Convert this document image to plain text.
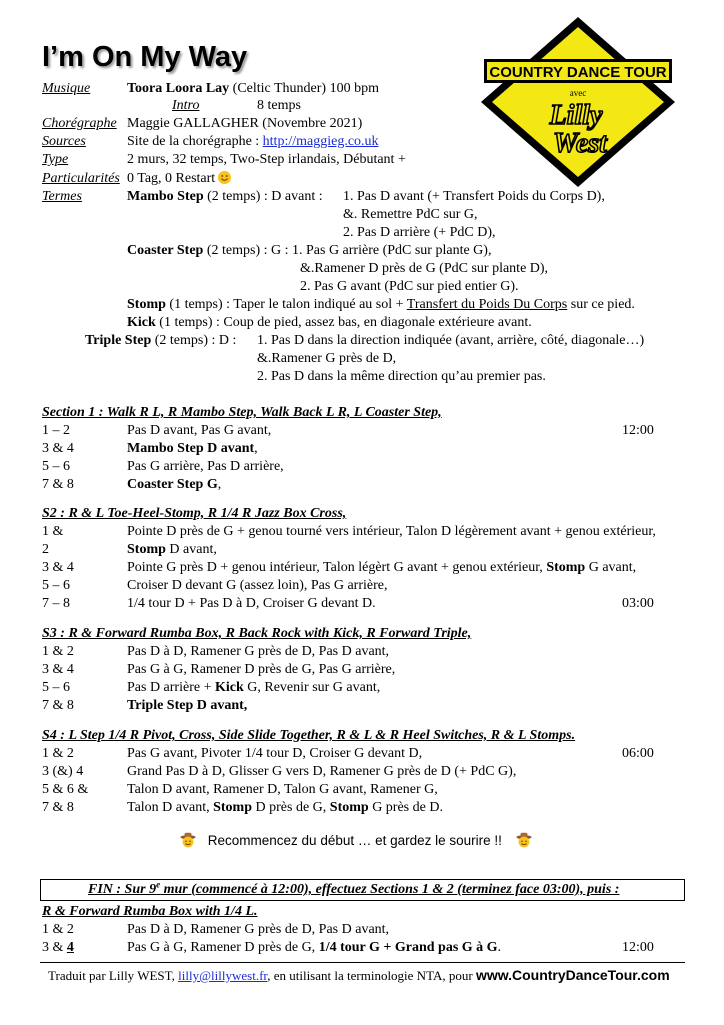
I’m On My Way	COUNTRY DANCE TOUR
avec
Lilly
West
Musique	Toora Loora Lay (Celtic Thunder) 100 bpm
Intro	8 temps
Chorégraphe Maggie GALLAGHER (Novembre 2021)
Sources	Site de la chorégraphe : http://maggieg.co.uk
Type	2 murs, 32 temps, Two-Step irlandais, Débutant +
Particularités 0 Tag, 0 Restart
Termes	Mambo Step (2 temps) : D avant : 1. Pas D avant (+ Transfert Poids du Corps D),
&. Remettre PdC sur G,
2. Pas D arrière (+ PdC D),
Coaster Step (2 temps) : G : 1. Pas G arrière (PdC sur plante G),
&.Ramener D près de G (PdC sur plante D),
2. Pas G avant (PdC sur pied entier G).
Stomp (1 temps) : Taper le talon indiqué au sol + Transfert du Poids Du Corps sur ce pied.
Kick (1 temps) : Coup de pied, assez bas, en diagonale extérieure avant.
Triple Step (2 temps) : D : 1. Pas D dans la direction indiquée (avant, arrière, côté, diagonale…)
&.Ramener G près de D,
2. Pas D dans la même direction qu’au premier pas.
Section 1 : Walk R L, R Mambo Step, Walk Back L R, L Coaster Step,
1 – 2	Pas D avant, Pas G avant,	12:00
3 & 4	Mambo Step D avant,
5 – 6	Pas G arrière, Pas D arrière,
7 & 8	Coaster Step G,
S2 : R & L Toe-Heel-Stomp, R 1/4 R Jazz Box Cross,
1 &	Pointe D près de G + genou tourné vers intérieur, Talon D légèrement avant + genou extérieur,
2	Stomp D avant,
3 & 4	Pointe G près D + genou intérieur, Talon légèrt G avant + genou extérieur, Stomp G avant,
5 – 6	Croiser D devant G (assez loin), Pas G arrière,
7 – 8	1/4 tour D + Pas D à D, Croiser G devant D.	03:00
S3 : R & Forward Rumba Box, R Back Rock with Kick, R Forward Triple,
1 & 2	Pas D à D, Ramener G près de D, Pas D avant,
3 & 4	Pas G à G, Ramener D près de G, Pas G arrière,
5 – 6	Pas D arrière + Kick G, Revenir sur G avant,
7 & 8	Triple Step D avant,
S4 : L Step 1/4 R Pivot, Cross, Side Slide Together, R & L & R Heel Switches, R & L Stomps.
1 & 2	Pas G avant, Pivoter 1/4 tour D, Croiser G devant D,	06:00
3 (&) 4	Grand Pas D à D, Glisser G vers D, Ramener G près de D (+ PdC G),
5 & 6 &	Talon D avant, Ramener D, Talon G avant, Ramener G,
7 & 8	Talon D avant, Stomp D près de G, Stomp G près de D.
Recommencez du début … et gardez le sourire !!
FIN : Sur 9e mur (commencé à 12:00), effectuez Sections 1 & 2 (terminez face 03:00), puis :
R & Forward Rumba Box with 1/4 L.
1 & 2	Pas D à D, Ramener G près de D, Pas D avant,
3 & 4	Pas G à G, Ramener D près de G, 1/4 tour G + Grand pas G à G.	12:00
Traduit par Lilly WEST, lilly@lillywest.fr, en utilisant la terminologie NTA, pour www.CountryDanceTour.com
